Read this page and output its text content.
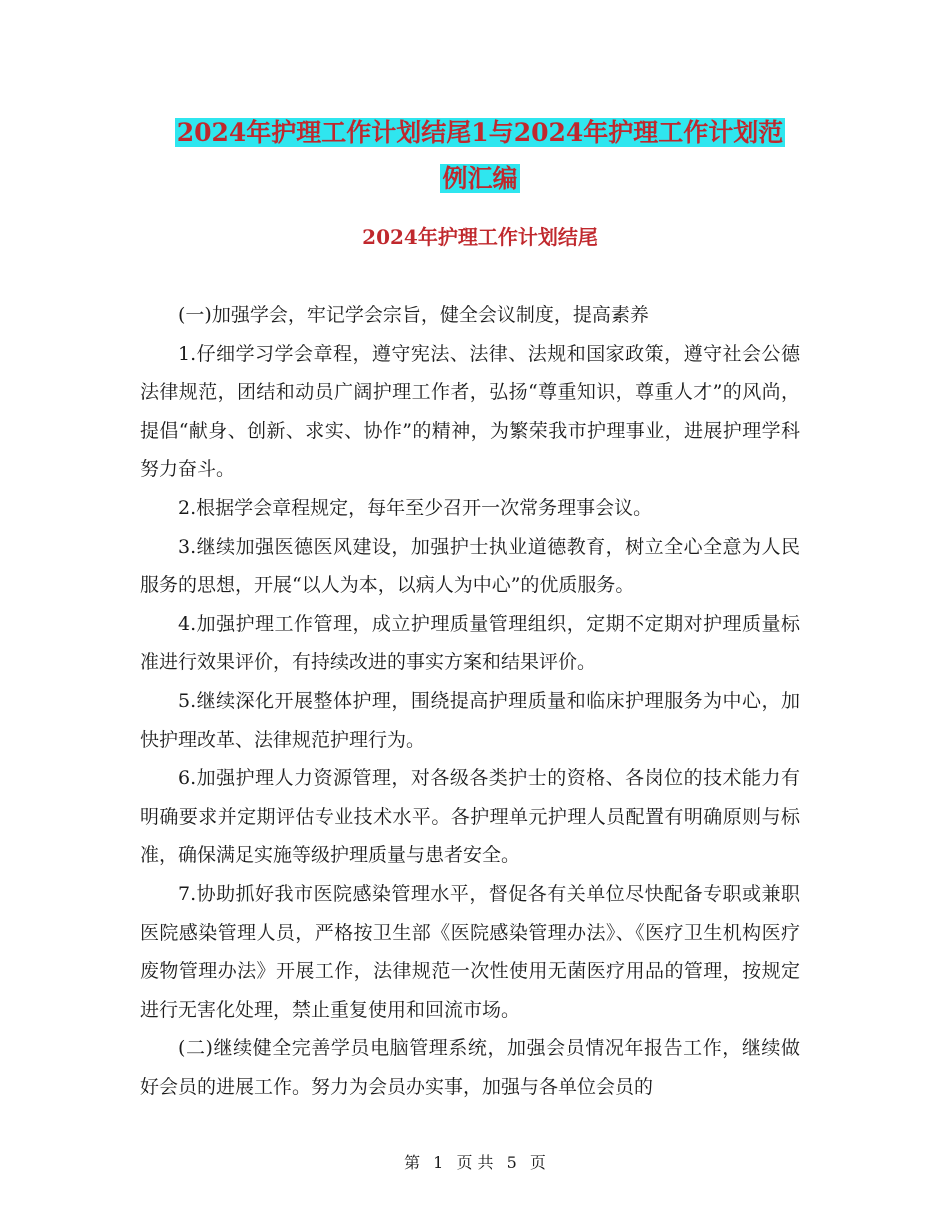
2024年护理工作计划结尾1与2024年护理工作计划范
例汇编
2024年护理工作计划结尾

(一)加强学会，牢记学会宗旨，健全会议制度，提高素养

1.仔细学习学会章程，遵守宪法、法律、法规和国家政策，遵守社会公德法律规范，团结和动员广阔护理工作者，弘扬“尊重知识，尊重人才”的风尚，提倡“献身、创新、求实、协作”的精神，为繁荣我市护理事业，进展护理学科努力奋斗。

2.根据学会章程规定，每年至少召开一次常务理事会议。

3.继续加强医德医风建设，加强护士执业道德教育，树立全心全意为人民服务的思想，开展“以人为本，以病人为中心”的优质服务。

4.加强护理工作管理，成立护理质量管理组织，定期不定期对护理质量标准进行效果评价，有持续改进的事实方案和结果评价。

5.继续深化开展整体护理，围绕提高护理质量和临床护理服务为中心，加快护理改革、法律规范护理行为。

6.加强护理人力资源管理，对各级各类护士的资格、各岗位的技术能力有明确要求并定期评估专业技术水平。各护理单元护理人员配置有明确原则与标准，确保满足实施等级护理质量与患者安全。

7.协助抓好我市医院感染管理水平，督促各有关单位尽快配备专职或兼职医院感染管理人员，严格按卫生部《医院感染管理办法》、《医疗卫生机构医疗废物管理办法》开展工作，法律规范一次性使用无菌医疗用品的管理，按规定进行无害化处理，禁止重复使用和回流市场。

(二)继续健全完善学员电脑管理系统，加强会员情况年报告工作，继续做好会员的进展工作。努力为会员办实事，加强与各单位会员的

第 1 页 共 5 页
